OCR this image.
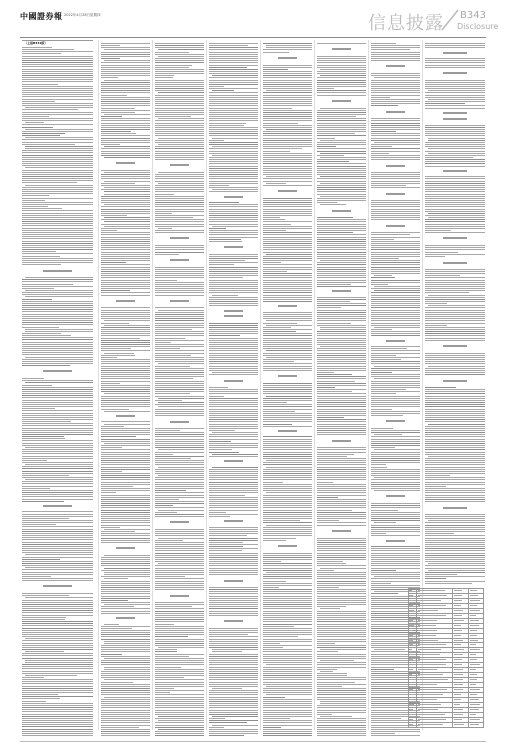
中國證券報 2022年4月28日 星期四	信息披露 B343
Disclosure
（上接B342版）
